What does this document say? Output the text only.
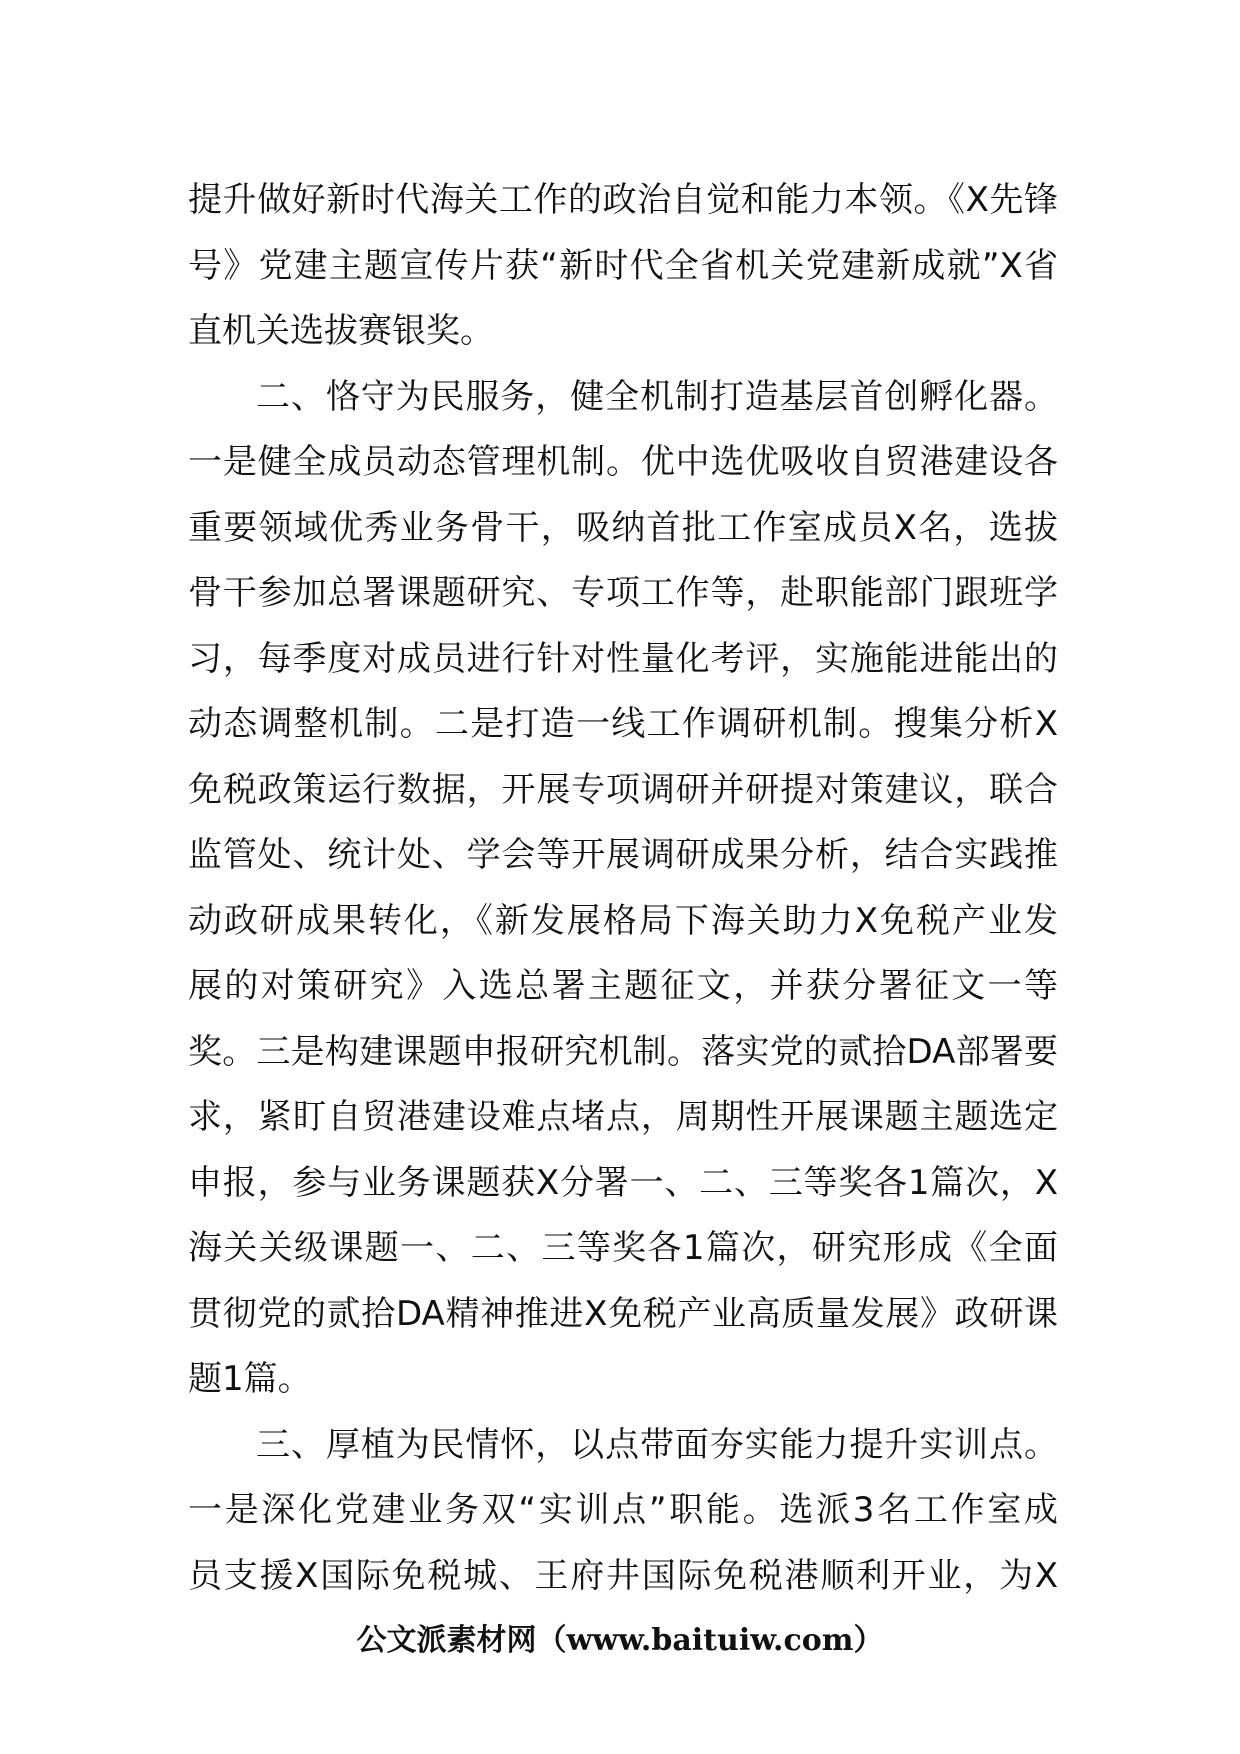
提升做好新时代海关工作的政治自觉和能力本领。《X先锋
号》党建主题宣传片获“新时代全省机关党建新成就”X省
直机关选拔赛银奖。
二、恪守为民服务，健全机制打造基层首创孵化器。
一是健全成员动态管理机制。优中选优吸收自贸港建设各
重要领域优秀业务骨干，吸纳首批工作室成员X名，选拔
骨干参加总署课题研究、专项工作等，赴职能部门跟班学
习，每季度对成员进行针对性量化考评，实施能进能出的
动态调整机制。二是打造一线工作调研机制。搜集分析X
免税政策运行数据，开展专项调研并研提对策建议，联合
监管处、统计处、学会等开展调研成果分析，结合实践推
动政研成果转化，《新发展格局下海关助力X免税产业发
展的对策研究》入选总署主题征文，并获分署征文一等
奖。三是构建课题申报研究机制。落实党的贰拾DA部署要
求，紧盯自贸港建设难点堵点，周期性开展课题主题选定
申报，参与业务课题获X分署一、二、三等奖各1篇次，X
海关关级课题一、二、三等奖各1篇次，研究形成《全面
贯彻党的贰拾DA精神推进X免税产业高质量发展》政研课
题1篇。
三、厚植为民情怀，以点带面夯实能力提升实训点。
一是深化党建业务双“实训点”职能。选派3名工作室成
员支援X国际免税城、王府井国际免税港顺利开业，为X
公文派素材网（www.baituiw.com）
